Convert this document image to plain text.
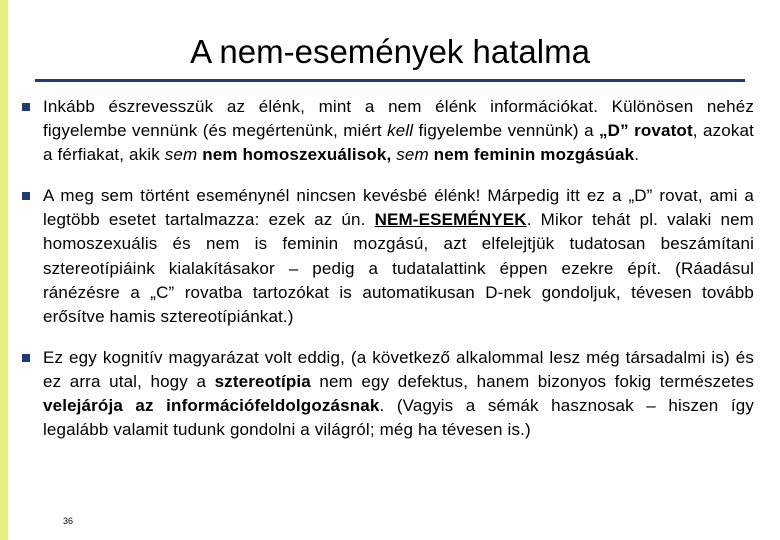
A nem-események hatalma
Inkább észrevesszük az élénk, mint a nem élénk információkat. Különösen nehéz figyelembe vennünk (és megértenünk, miért kell figyelembe vennünk) a „D” rovatot, azokat a férfiakat, akik sem nem homoszexuálisok, sem nem feminin mozgásúak.
A meg sem történt eseménynél nincsen kevésbé élénk! Márpedig itt ez a „D” rovat, ami a legtöbb esetet tartalmazza: ezek az ún. NEM-ESEMÉNYEK. Mikor tehát pl. valaki nem homoszexuális és nem is feminin mozgású, azt elfelejtjük tudatosan beszámítani sztereotípiáink kialakításakor – pedig a tudatalattink éppen ezekre épít. (Ráadásul ránézésre a „C” rovatba tartozókat is automatikusan D-nek gondoljuk, tévesen tovább erősítve hamis sztereotípiánkat.)
Ez egy kognitív magyarázat volt eddig, (a következő alkalommal lesz még társadalmi is) és ez arra utal, hogy a sztereotípia nem egy defektus, hanem bizonyos fokig természetes velejárója az információfeldolgozásnak. (Vagyis a sémák hasznosak – hiszen így legalább valamit tudunk gondolni a világról; még ha tévesen is.)
36
